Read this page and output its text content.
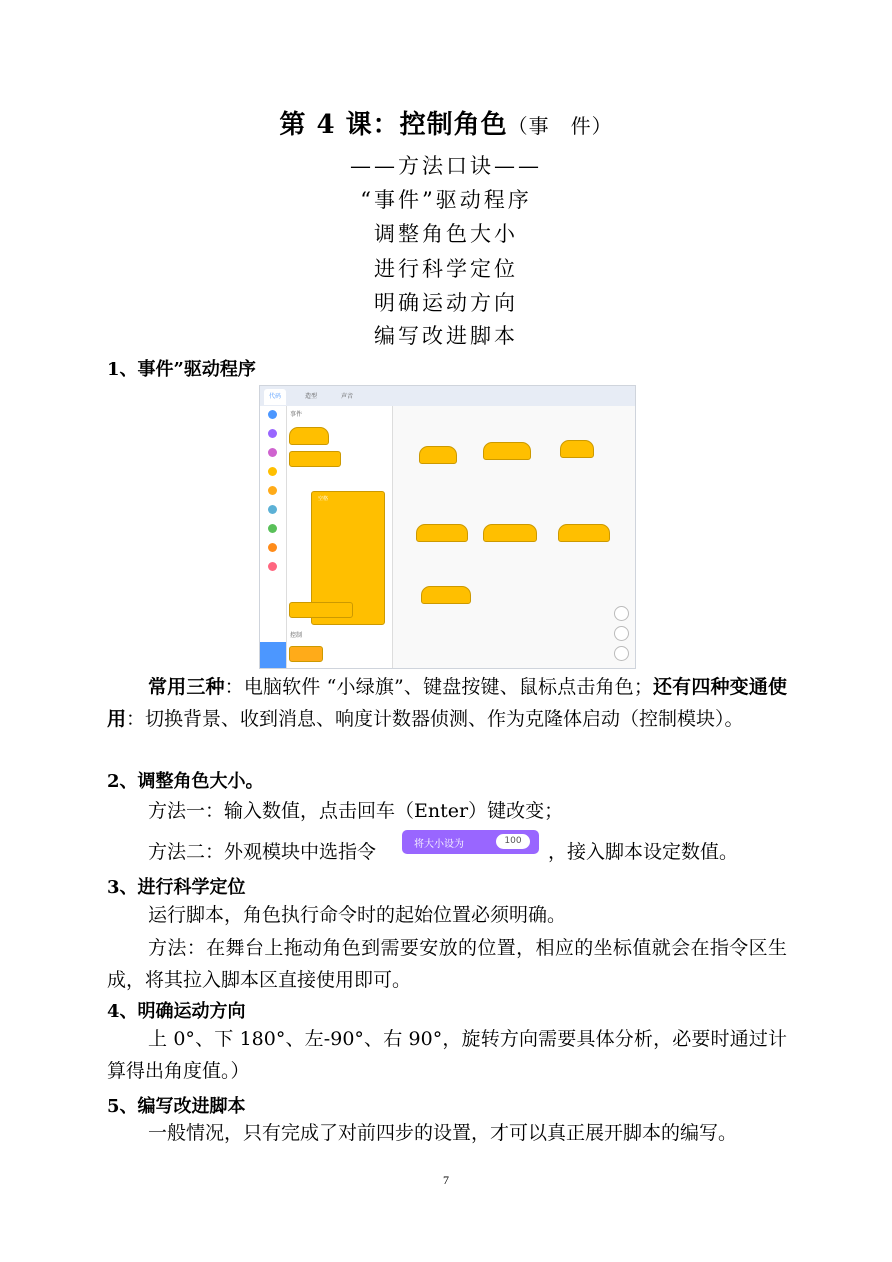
第 4 课：控制角色（事　件）
——方法口诀——
“事件”驱动程序
调整角色大小
进行科学定位
明确运动方向
编写改进脚本
1、事件”驱动程序
代码	造型	声音
事件
空格
控制
常用三种：电脑软件 “小绿旗”、键盘按键、鼠标点击角色；还有四种变通使用：切换背景、收到消息、响度计数器侦测、作为克隆体启动（控制模块）。
2、调整角色大小。
方法一：输入数值，点击回车（Enter）键改变；
方法二：外观模块中选指令	将大小设为	100	，接入脚本设定数值。
3、进行科学定位
运行脚本，角色执行命令时的起始位置必须明确。
方法：在舞台上拖动角色到需要安放的位置，相应的坐标值就会在指令区生成，将其拉入脚本区直接使用即可。
4、明确运动方向
上 0°、下 180°、左-90°、右 90°，旋转方向需要具体分析，必要时通过计算得出角度值。）
5、编写改进脚本
一般情况，只有完成了对前四步的设置，才可以真正展开脚本的编写。
7
